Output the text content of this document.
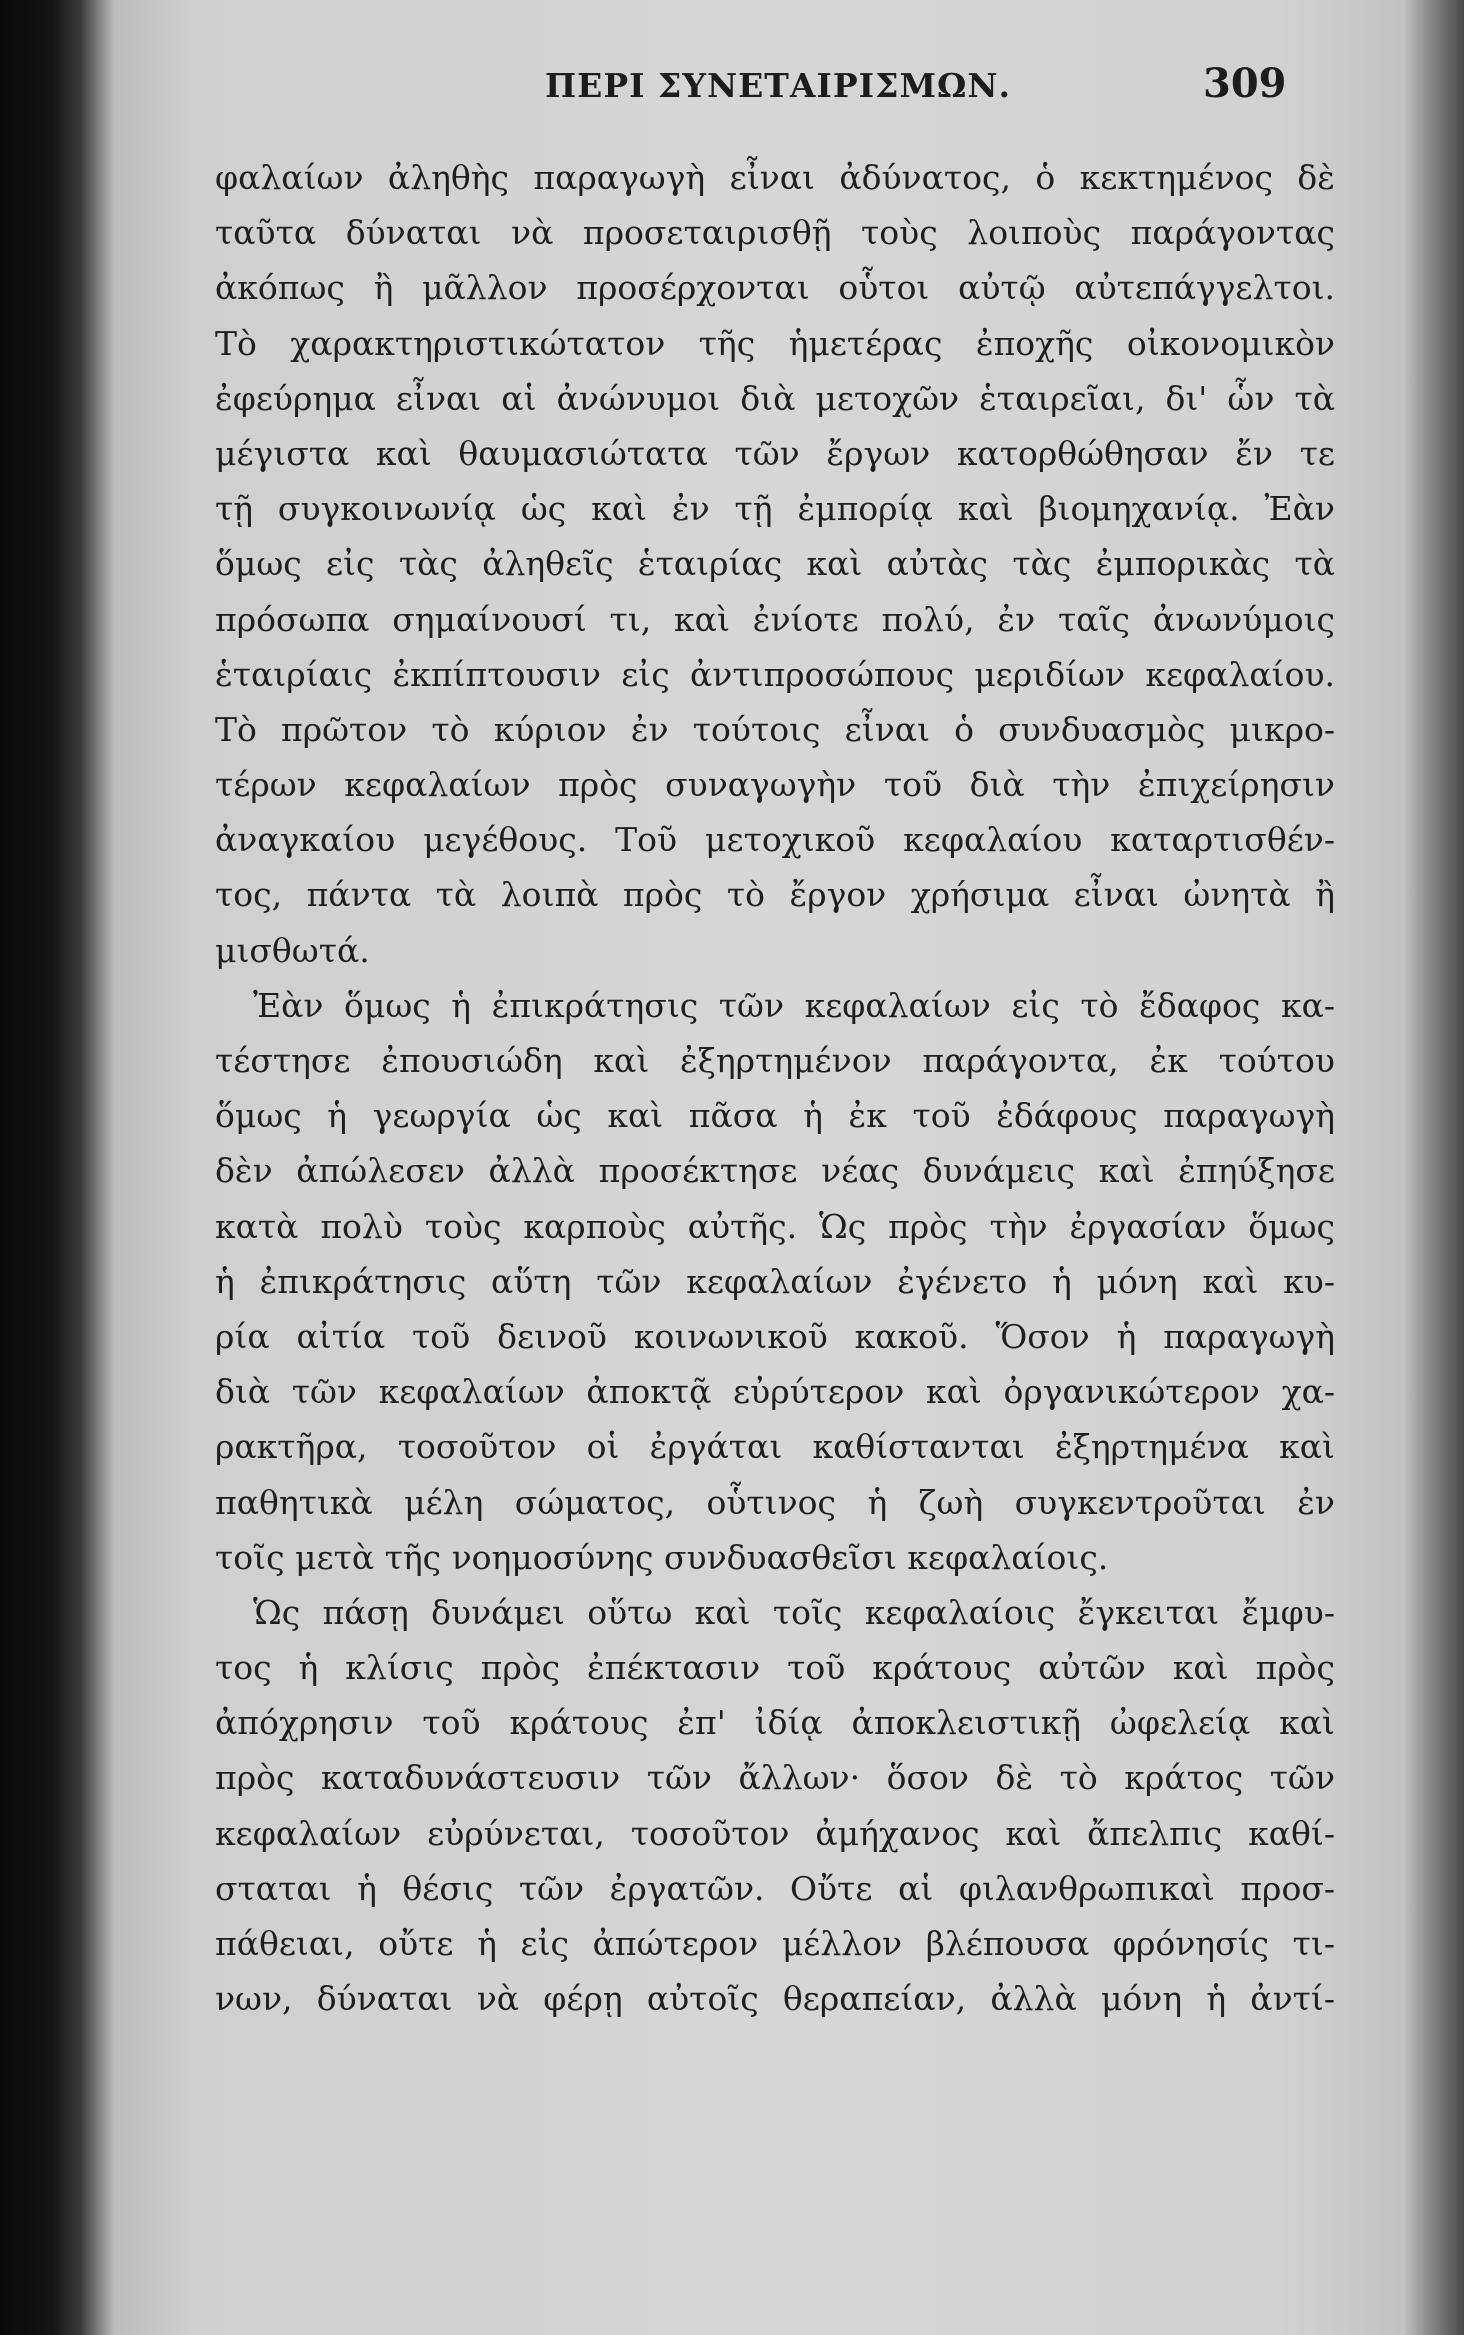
ΠΕΡΙ ΣΥΝΕΤΑΙΡΙΣΜΩΝ.	309
φαλαίων ἀληθὴς παραγωγὴ εἶναι ἀδύνατος, ὁ κεκτημένος δὲ
ταῦτα δύναται νὰ προσεταιρισθῇ τοὺς λοιποὺς παράγοντας
ἀκόπως ἢ μᾶλλον προσέρχονται οὗτοι αὐτῷ αὐτεπάγγελτοι.
Τὸ χαρακτηριστικώτατον τῆς ἡμετέρας ἐποχῆς οἰκονομικὸν
ἐφεύρημα εἶναι αἱ ἀνώνυμοι διὰ μετοχῶν ἑταιρεῖαι, δι' ὧν τὰ
μέγιστα καὶ θαυμασιώτατα τῶν ἔργων κατορθώθησαν ἔν τε
τῇ συγκοινωνίᾳ ὡς καὶ ἐν τῇ ἐμπορίᾳ καὶ βιομηχανίᾳ. Ἐὰν
ὅμως εἰς τὰς ἀληθεῖς ἑταιρίας καὶ αὐτὰς τὰς ἐμπορικὰς τὰ
πρόσωπα σημαίνουσί τι, καὶ ἐνίοτε πολύ, ἐν ταῖς ἀνωνύμοις
ἑταιρίαις ἐκπίπτουσιν εἰς ἀντιπροσώπους μεριδίων κεφαλαίου.
Τὸ πρῶτον τὸ κύριον ἐν τούτοις εἶναι ὁ συνδυασμὸς μικρο-
τέρων κεφαλαίων πρὸς συναγωγὴν τοῦ διὰ τὴν ἐπιχείρησιν
ἀναγκαίου μεγέθους. Τοῦ μετοχικοῦ κεφαλαίου καταρτισθέν-
τος, πάντα τὰ λοιπὰ πρὸς τὸ ἔργον χρήσιμα εἶναι ὠνητὰ ἢ
μισθωτά.
Ἐὰν ὅμως ἡ ἐπικράτησις τῶν κεφαλαίων εἰς τὸ ἔδαφος κα-
τέστησε ἐπουσιώδη καὶ ἐξηρτημένον παράγοντα, ἐκ τούτου
ὅμως ἡ γεωργία ὡς καὶ πᾶσα ἡ ἐκ τοῦ ἐδάφους παραγωγὴ
δὲν ἀπώλεσεν ἀλλὰ προσέκτησε νέας δυνάμεις καὶ ἐπηύξησε
κατὰ πολὺ τοὺς καρποὺς αὐτῆς. Ὡς πρὸς τὴν ἐργασίαν ὅμως
ἡ ἐπικράτησις αὕτη τῶν κεφαλαίων ἐγένετο ἡ μόνη καὶ κυ-
ρία αἰτία τοῦ δεινοῦ κοινωνικοῦ κακοῦ. Ὅσον ἡ παραγωγὴ
διὰ τῶν κεφαλαίων ἀποκτᾷ εὐρύτερον καὶ ὀργανικώτερον χα-
ρακτῆρα, τοσοῦτον οἱ ἐργάται καθίστανται ἐξηρτημένα καὶ
παθητικὰ μέλη σώματος, οὗτινος ἡ ζωὴ συγκεντροῦται ἐν
τοῖς μετὰ τῆς νοημοσύνης συνδυασθεῖσι κεφαλαίοις.
Ὡς πάσῃ δυνάμει οὕτω καὶ τοῖς κεφαλαίοις ἔγκειται ἔμφυ-
τος ἡ κλίσις πρὸς ἐπέκτασιν τοῦ κράτους αὐτῶν καὶ πρὸς
ἀπόχρησιν τοῦ κράτους ἐπ' ἰδίᾳ ἀποκλειστικῇ ὠφελείᾳ καὶ
πρὸς καταδυνάστευσιν τῶν ἄλλων· ὅσον δὲ τὸ κράτος τῶν
κεφαλαίων εὐρύνεται, τοσοῦτον ἀμήχανος καὶ ἄπελπις καθί-
σταται ἡ θέσις τῶν ἐργατῶν. Οὔτε αἱ φιλανθρωπικαὶ προσ-
πάθειαι, οὔτε ἡ εἰς ἀπώτερον μέλλον βλέπουσα φρόνησίς τι-
νων, δύναται νὰ φέρῃ αὐτοῖς θεραπείαν, ἀλλὰ μόνη ἡ ἀντί-
